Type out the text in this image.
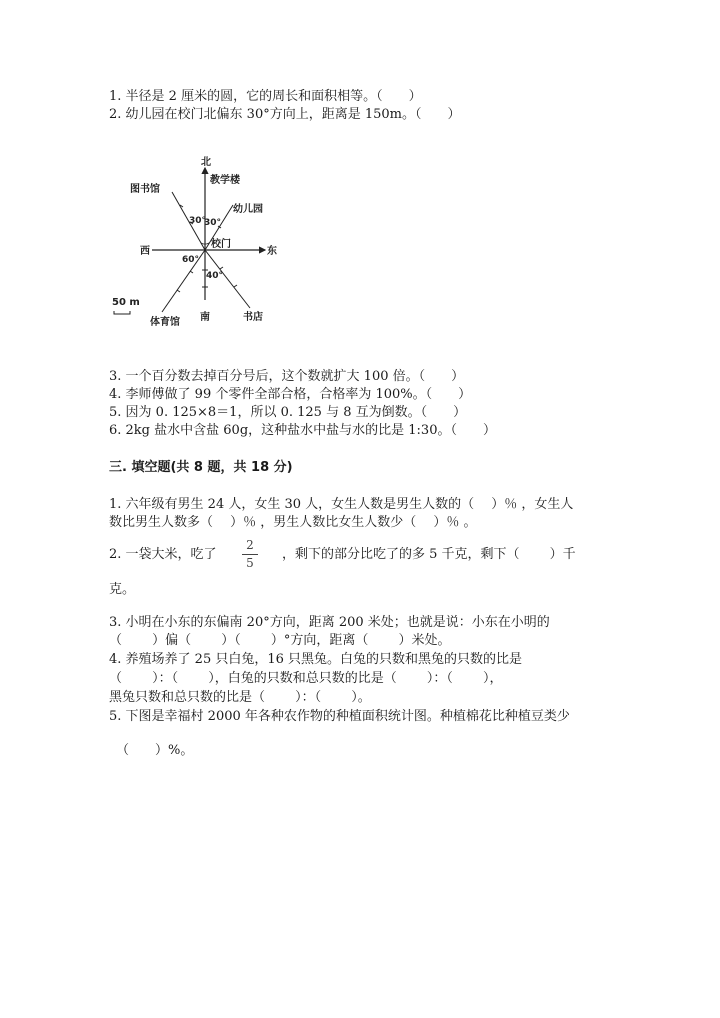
1. 半径是 2 厘米的圆，它的周长和面积相等。（　　）
2. 幼儿园在校门北偏东 30°方向上，距离是 150m。（　　）
北
教学楼
图书馆
幼儿园
30°
30°
校门
西	东
60°
40°
50 m
体育馆 南	书店
3. 一个百分数去掉百分号后，这个数就扩大 100 倍。（　　）
4. 李师傅做了 99 个零件全部合格，合格率为 100%。（　　）
5. 因为 0. 125×8＝1，所以 0. 125 与 8 互为倒数。（　　）
6. 2kg 盐水中含盐 60g，这种盐水中盐与水的比是 1:30。（　　）
三. 填空题(共 8 题，共 18 分)
1. 六年级有男生 24 人，女生 30 人，女生人数是男生人数的（　 ）％ ，女生人
数比男生人数多（　 ）％ ，男生人数比女生人数少（　 ）％ 。
2. 一袋大米，吃了
2
5
，剩下的部分比吃了的多 5 千克，剩下（　　 ）千
克。
3. 小明在小东的东偏南 20°方向，距离 200 米处；也就是说：小东在小明的
（　　 ）偏（　　 ）（　　 ）°方向，距离（　　 ）米处。
4. 养殖场养了 25 只白兔，16 只黑兔。白兔的只数和黑兔的只数的比是
（　　 ）：（　　 ），白兔的只数和总只数的比是（　　 ）：（　　 ），
黑兔只数和总只数的比是（　　 ）：（　　 ）。
5. 下图是幸福村 2000 年各种农作物的种植面积统计图。种植棉花比种植豆类少
（　　）%。
